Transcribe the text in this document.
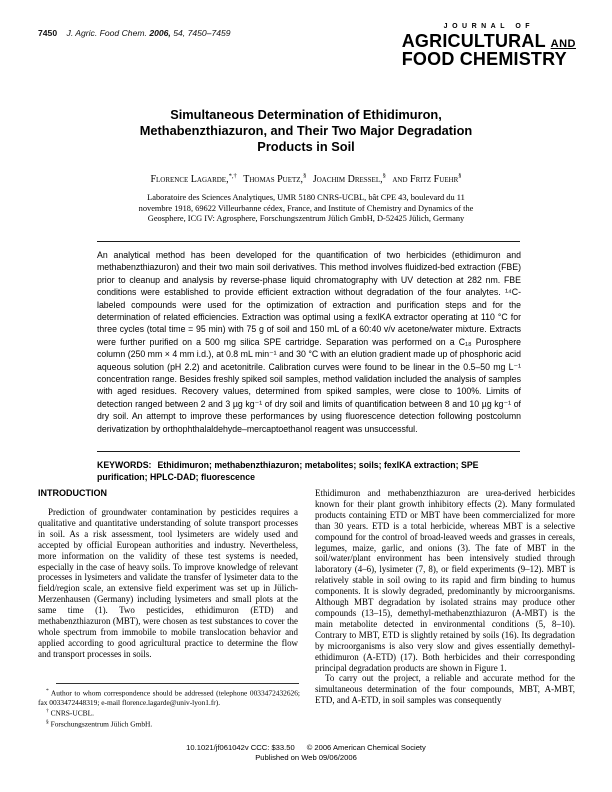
7450 J. Agric. Food Chem. 2006, 54, 7450–7459
JOURNAL OF
AGRICULTURAL AND
FOOD CHEMISTRY
Simultaneous Determination of Ethidimuron,
Methabenzthiazuron, and Their Two Major Degradation
Products in Soil
Florence Lagarde,*,† Thomas Puetz,§ Joachim Dressel,§ and Fritz Fuehr§
Laboratoire des Sciences Analytiques, UMR 5180 CNRS-UCBL, bât CPE 43, boulevard du 11
novembre 1918, 69622 Villeurbanne cédex, France, and Institute of Chemistry and Dynamics of the
Geosphere, ICG IV: Agrosphere, Forschungszentrum Jülich GmbH, D-52425 Jülich, Germany
An analytical method has been developed for the quantification of two herbicides (ethidimuron and methabenzthiazuron) and their two main soil derivatives. This method involves fluidized-bed extraction (FBE) prior to cleanup and analysis by reverse-phase liquid chromatography with UV detection at 282 nm. FBE conditions were established to provide efficient extraction without degradation of the four analytes. ¹⁴C-labeled compounds were used for the optimization of extraction and purification steps and for the determination of related efficiencies. Extraction was optimal using a fexIKA extractor operating at 110 °C for three cycles (total time = 95 min) with 75 g of soil and 150 mL of a 60:40 v/v acetone/water mixture. Extracts were further purified on a 500 mg silica SPE cartridge. Separation was performed on a C₁₈ Purosphere column (250 mm × 4 mm i.d.), at 0.8 mL min⁻¹ and 30 °C with an elution gradient made up of phosphoric acid aqueous solution (pH 2.2) and acetonitrile. Calibration curves were found to be linear in the 0.5–50 mg L⁻¹ concentration range. Besides freshly spiked soil samples, method validation included the analysis of samples with aged residues. Recovery values, determined from spiked samples, were close to 100%. Limits of detection ranged between 2 and 3 µg kg⁻¹ of dry soil and limits of quantification between 8 and 10 µg kg⁻¹ of dry soil. An attempt to improve these performances by using fluorescence detection following postcolumn derivatization by orthophthalaldehyde–mercaptoethanol reagent was unsuccessful.
KEYWORDS: Ethidimuron; methabenzthiazuron; metabolites; soils; fexIKA extraction; SPE purification; HPLC-DAD; fluorescence
INTRODUCTION

Prediction of groundwater contamination by pesticides requires a qualitative and quantitative understanding of solute transport processes in soil. As a risk assessment, tool lysimeters are widely used and accepted by official European authorities and industry. Nevertheless, more information on the validity of these test systems is needed, especially in the case of heavy soils. To improve knowledge of relevant processes in lysimeters and validate the transfer of lysimeter data to the field/region scale, an extensive field experiment was set up in Jülich-Merzenhausen (Germany) including lysimeters and small plots at the same time (1). Two pesticides, ethidimuron (ETD) and methabenzthiazuron (MBT), were chosen as test substances to cover the whole spectrum from immobile to mobile translocation behavior and applied according to good agricultural practice to determine the flow and transport processes in soils.

Ethidimuron and methabenzthiazuron are urea-derived herbicides known for their plant growth inhibitory effects (2). Many formulated products containing ETD or MBT have been commercialized for more than 30 years. ETD is a total herbicide, whereas MBT is a selective compound for the control of broad-leaved weeds and grasses in cereals, legumes, maize, garlic, and onions (3). The fate of MBT in the soil/water/plant environment has been intensively studied through laboratory (4–6), lysimeter (7, 8), or field experiments (9–12). MBT is relatively stable in soil owing to its rapid and firm binding to humus components. It is slowly degraded, predominantly by microorganisms. Although MBT degradation by isolated strains may produce other compounds (13–15), demethyl-methabenzthiazuron (A-MBT) is the main metabolite detected in environmental conditions (5, 8–10). Contrary to MBT, ETD is slightly retained by soils (16). Its degradation by microorganisms is also very slow and gives essentially demethyl-ethidimuron (A-ETD) (17). Both herbicides and their corresponding principal degradation products are shown in Figure 1.

To carry out the project, a reliable and accurate method for the simultaneous determination of the four compounds, MBT, A-MBT, ETD, and A-ETD, in soil samples was consequently

* Author to whom correspondence should be addressed (telephone 0033472432626; fax 0033472448319; e-mail florence.lagarde@univ-lyon1.fr).

† CNRS-UCBL.

§ Forschungszentrum Jülich GmbH.

10.1021/jf061042v CCC: $33.50 © 2006 American Chemical Society
Published on Web 09/06/2006
